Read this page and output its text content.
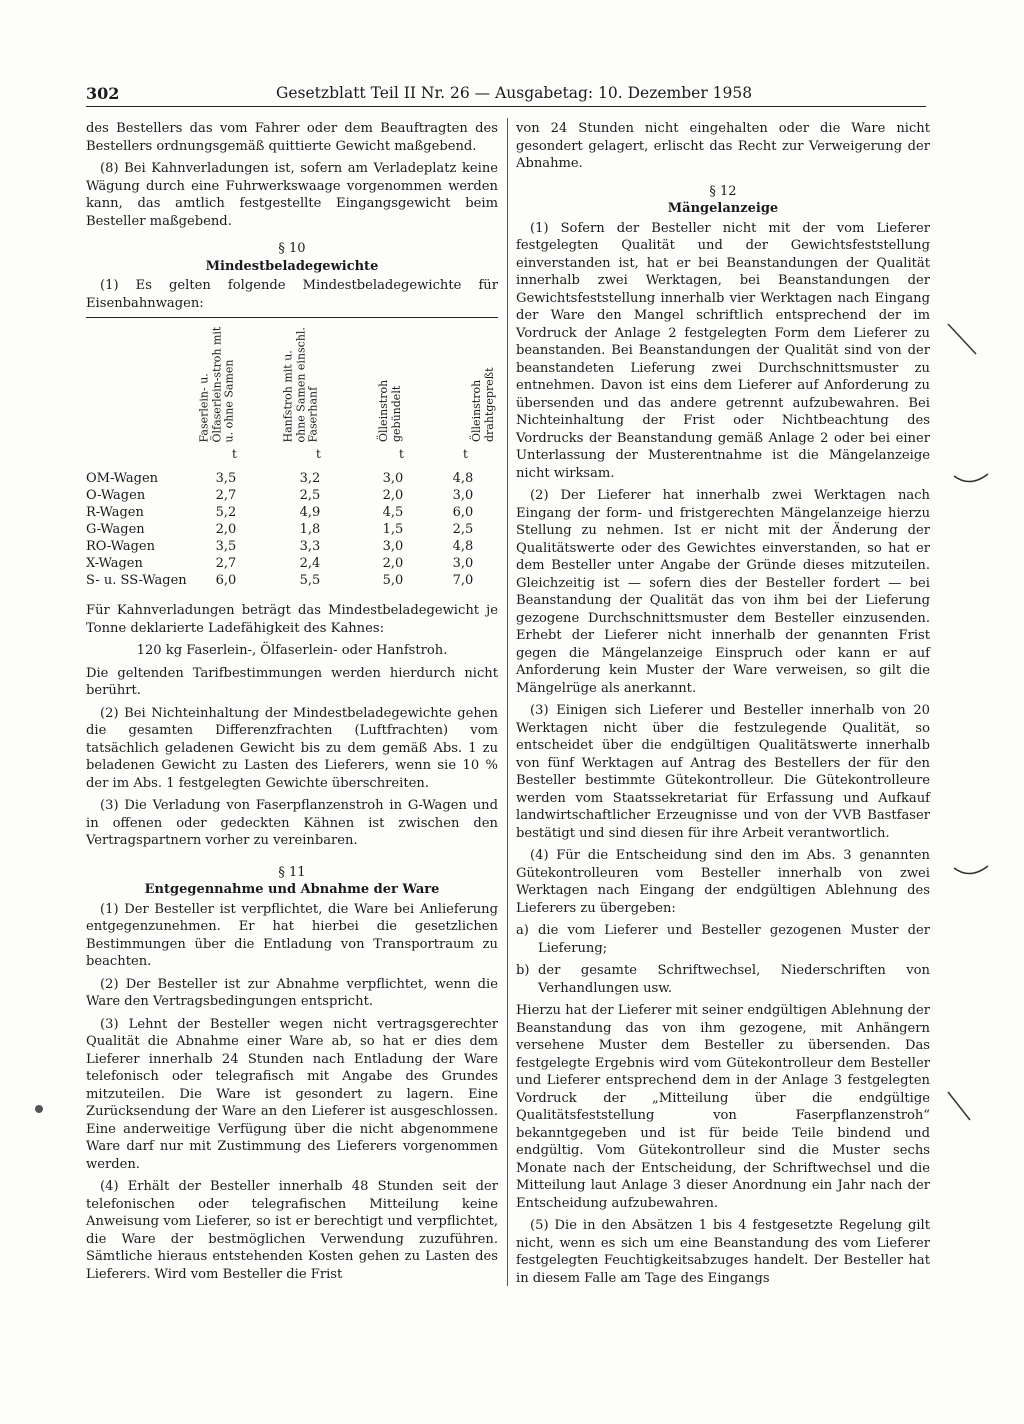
302	Gesetzblatt Teil II Nr. 26 — Ausgabetag: 10. Dezember 1958

des Bestellers das vom Fahrer oder dem Beauftragten des Bestellers ordnungsgemäß quittierte Gewicht maßgebend.

(8) Bei Kahnverladungen ist, sofern am Verladeplatz keine Wägung durch eine Fuhrwerkswaage vorgenommen werden kann, das amtlich festgestellte Eingangsgewicht beim Besteller maßgebend.

§ 10
Mindestbeladegewichte

(1) Es gelten folgende Mindestbeladegewichte für Eisenbahnwagen:

Faserlein- u. Ölfaserlein-stroh mit u. ohne Samen	Hanfstroh mit u. ohne Samen einschl. Faserhanf	Ölleinstroh gebündelt	Ölleinstroh drahtgepreßt
t	t	t	t
OM-Wagen	3,5	3,2	3,0	4,8
O-Wagen	2,7	2,5	2,0	3,0
R-Wagen	5,2	4,9	4,5	6,0
G-Wagen	2,0	1,8	1,5	2,5
RO-Wagen	3,5	3,3	3,0	4,8
X-Wagen	2,7	2,4	2,0	3,0
S- u. SS-Wagen	6,0	5,5	5,0	7,0

Für Kahnverladungen beträgt das Mindestbeladegewicht je Tonne deklarierte Ladefähigkeit des Kahnes:

120 kg Faserlein-, Ölfaserlein- oder Hanfstroh.

Die geltenden Tarifbestimmungen werden hierdurch nicht berührt.

(2) Bei Nichteinhaltung der Mindestbeladegewichte gehen die gesamten Differenzfrachten (Luftfrachten) vom tatsächlich geladenen Gewicht bis zu dem gemäß Abs. 1 zu beladenen Gewicht zu Lasten des Lieferers, wenn sie 10 % der im Abs. 1 festgelegten Gewichte überschreiten.

(3) Die Verladung von Faserpflanzenstroh in G-Wagen und in offenen oder gedeckten Kähnen ist zwischen den Vertragspartnern vorher zu vereinbaren.

§ 11
Entgegennahme und Abnahme der Ware

(1) Der Besteller ist verpflichtet, die Ware bei Anlieferung entgegenzunehmen. Er hat hierbei die gesetzlichen Bestimmungen über die Entladung von Transportraum zu beachten.

(2) Der Besteller ist zur Abnahme verpflichtet, wenn die Ware den Vertragsbedingungen entspricht.

(3) Lehnt der Besteller wegen nicht vertragsgerechter Qualität die Abnahme einer Ware ab, so hat er dies dem Lieferer innerhalb 24 Stunden nach Entladung der Ware telefonisch oder telegrafisch mit Angabe des Grundes mitzuteilen. Die Ware ist gesondert zu lagern. Eine Zurücksendung der Ware an den Lieferer ist ausgeschlossen. Eine anderweitige Verfügung über die nicht abgenommene Ware darf nur mit Zustimmung des Lieferers vorgenommen werden.

(4) Erhält der Besteller innerhalb 48 Stunden seit der telefonischen oder telegrafischen Mitteilung keine Anweisung vom Lieferer, so ist er berechtigt und verpflichtet, die Ware der bestmöglichen Verwendung zuzuführen. Sämtliche hieraus entstehenden Kosten gehen zu Lasten des Lieferers. Wird vom Besteller die Frist

von 24 Stunden nicht eingehalten oder die Ware nicht gesondert gelagert, erlischt das Recht zur Verweigerung der Abnahme.

§ 12
Mängelanzeige

(1) Sofern der Besteller nicht mit der vom Lieferer festgelegten Qualität und der Gewichtsfeststellung einverstanden ist, hat er bei Beanstandungen der Qualität innerhalb zwei Werktagen, bei Beanstandungen der Gewichtsfeststellung innerhalb vier Werktagen nach Eingang der Ware den Mangel schriftlich entsprechend der im Vordruck der Anlage 2 festgelegten Form dem Lieferer zu beanstanden. Bei Beanstandungen der Qualität sind von der beanstandeten Lieferung zwei Durchschnittsmuster zu entnehmen. Davon ist eins dem Lieferer auf Anforderung zu übersenden und das andere getrennt aufzubewahren. Bei Nichteinhaltung der Frist oder Nichtbeachtung des Vordrucks der Beanstandung gemäß Anlage 2 oder bei einer Unterlassung der Musterentnahme ist die Mängelanzeige nicht wirksam.

(2) Der Lieferer hat innerhalb zwei Werktagen nach Eingang der form- und fristgerechten Mängelanzeige hierzu Stellung zu nehmen. Ist er nicht mit der Änderung der Qualitätswerte oder des Gewichtes einverstanden, so hat er dem Besteller unter Angabe der Gründe dieses mitzuteilen. Gleichzeitig ist — sofern dies der Besteller fordert — bei Beanstandung der Qualität das von ihm bei der Lieferung gezogene Durchschnittsmuster dem Besteller einzusenden. Erhebt der Lieferer nicht innerhalb der genannten Frist gegen die Mängelanzeige Einspruch oder kann er auf Anforderung kein Muster der Ware verweisen, so gilt die Mängelrüge als anerkannt.

(3) Einigen sich Lieferer und Besteller innerhalb von 20 Werktagen nicht über die festzulegende Qualität, so entscheidet über die endgültigen Qualitätswerte innerhalb von fünf Werktagen auf Antrag des Bestellers der für den Besteller bestimmte Gütekontrolleur. Die Gütekontrolleure werden vom Staatssekretariat für Erfassung und Aufkauf landwirtschaftlicher Erzeugnisse und von der VVB Bastfaser bestätigt und sind diesen für ihre Arbeit verantwortlich.

(4) Für die Entscheidung sind den im Abs. 3 genannten Gütekontrolleuren vom Besteller innerhalb von zwei Werktagen nach Eingang der endgültigen Ablehnung des Lieferers zu übergeben:

a) die vom Lieferer und Besteller gezogenen Muster der Lieferung;

b) der gesamte Schriftwechsel, Niederschriften von Verhandlungen usw.

Hierzu hat der Lieferer mit seiner endgültigen Ablehnung der Beanstandung das von ihm gezogene, mit Anhängern versehene Muster dem Besteller zu übersenden. Das festgelegte Ergebnis wird vom Gütekontrolleur dem Besteller und Lieferer entsprechend dem in der Anlage 3 festgelegten Vordruck der „Mitteilung über die endgültige Qualitätsfeststellung von Faserpflanzenstroh“ bekanntgegeben und ist für beide Teile bindend und endgültig. Vom Gütekontrolleur sind die Muster sechs Monate nach der Entscheidung, der Schriftwechsel und die Mitteilung laut Anlage 3 dieser Anordnung ein Jahr nach der Entscheidung aufzubewahren.

(5) Die in den Absätzen 1 bis 4 festgesetzte Regelung gilt nicht, wenn es sich um eine Beanstandung des vom Lieferer festgelegten Feuchtigkeitsabzuges handelt. Der Besteller hat in diesem Falle am Tage des Eingangs
